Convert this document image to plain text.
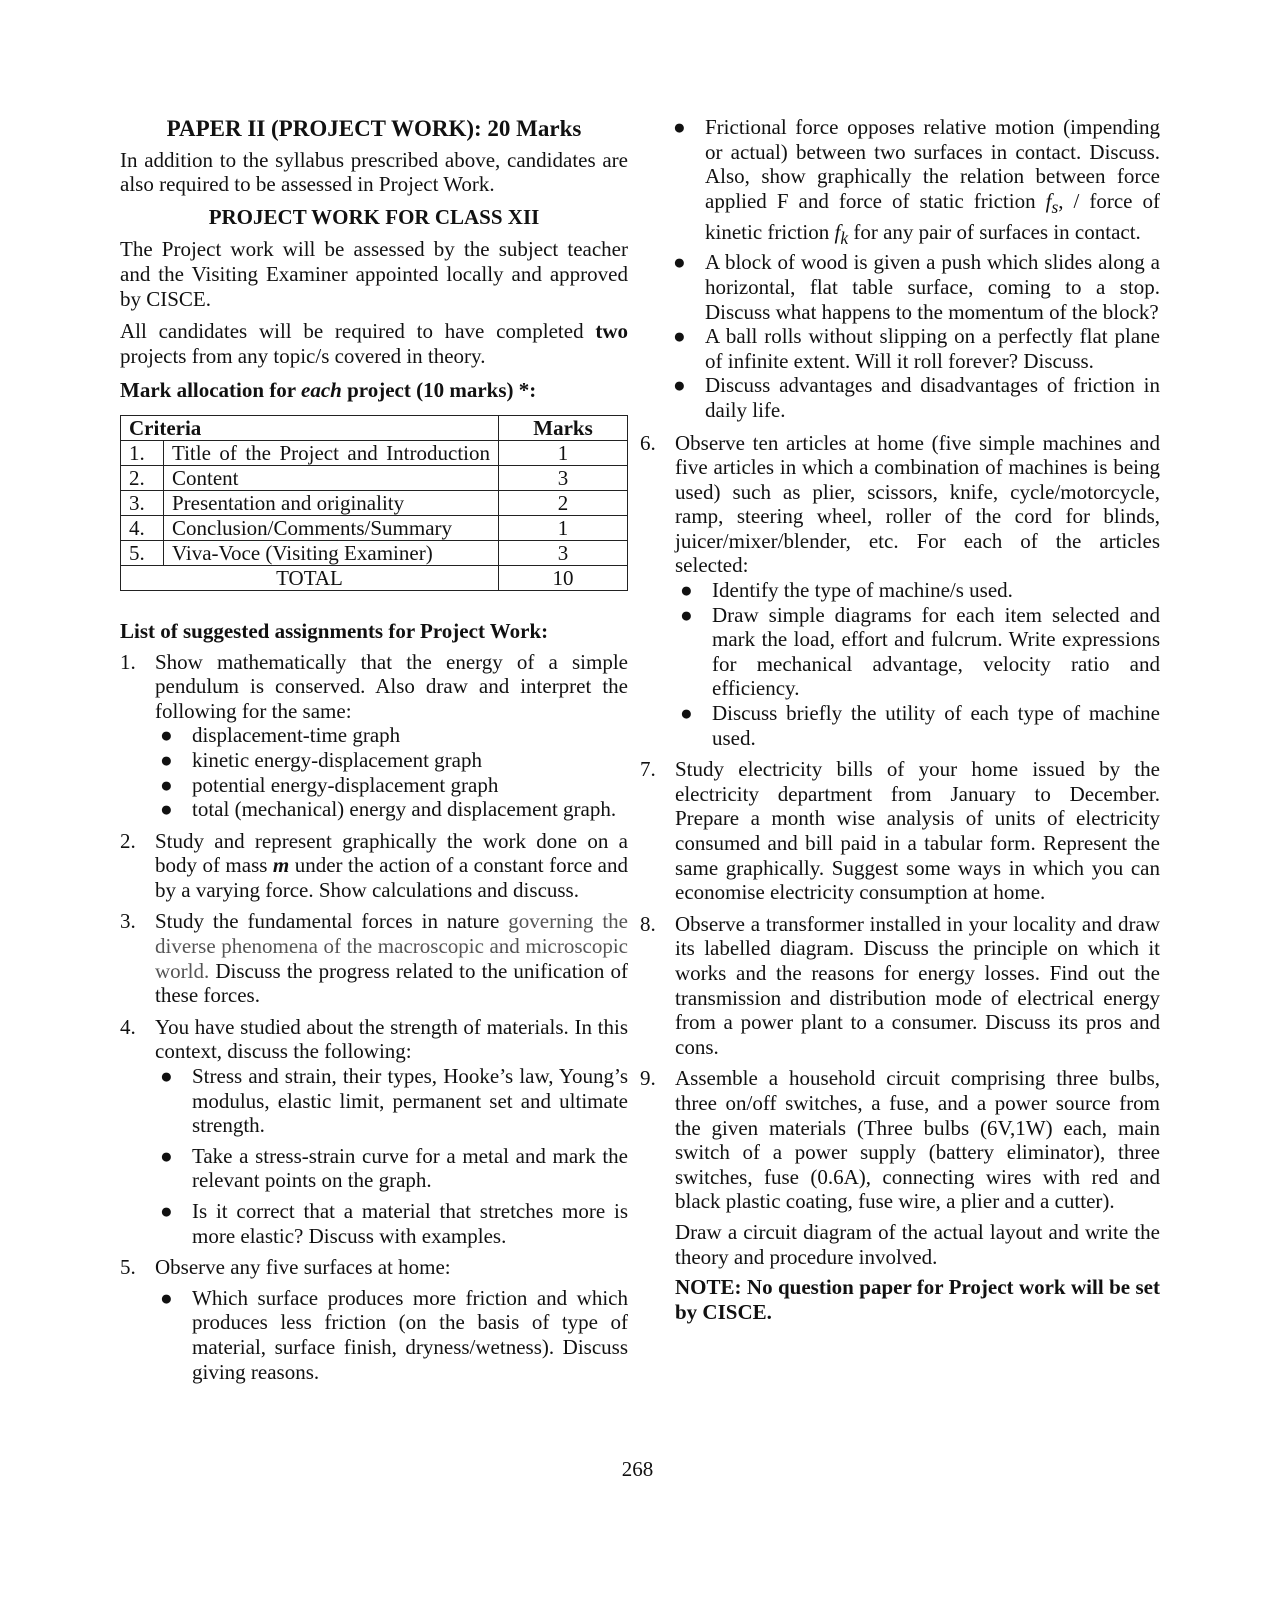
PAPER II (PROJECT WORK): 20 Marks

In addition to the syllabus prescribed above, candidates are also required to be assessed in Project Work.

PROJECT WORK FOR CLASS XII

The Project work will be assessed by the subject teacher and the Visiting Examiner appointed locally and approved by CISCE.

All candidates will be required to have completed two projects from any topic/s covered in theory.

Mark allocation for each project (10 marks) *:

Criteria		Marks
1.	Title of the Project and Introduction	1
2.	Content	3
3.	Presentation and originality	2
4.	Conclusion/Comments/Summary	1
5.	Viva-Voce (Visiting Examiner)	3
TOTAL		10

List of suggested assignments for Project Work:

1. Show mathematically that the energy of a simple pendulum is conserved. Also draw and interpret the following for the same:

● displacement-time graph
● kinetic energy-displacement graph
● potential energy-displacement graph
● total (mechanical) energy and displacement graph.
2. Study and represent graphically the work done on a body of mass m under the action of a constant force and by a varying force. Show calculations and discuss.

3. Study the fundamental forces in nature governing the diverse phenomena of the macroscopic and microscopic world. Discuss the progress related to the unification of these forces.

4. You have studied about the strength of materials. In this context, discuss the following:

● Stress and strain, their types, Hooke’s law, Young’s modulus, elastic limit, permanent set and ultimate strength.
● Take a stress-strain curve for a metal and mark the relevant points on the graph.
● Is it correct that a material that stretches more is more elastic? Discuss with examples.
5. Observe any five surfaces at home:

● Which surface produces more friction and which produces less friction (on the basis of type of material, surface finish, dryness/wetness). Discuss giving reasons.
● Frictional force opposes relative motion (impending or actual) between two surfaces in contact. Discuss. Also, show graphically the relation between force applied F and force of static friction $f_s$, / force of kinetic friction $f_k$ for any pair of surfaces in contact.
● A block of wood is given a push which slides along a horizontal, flat table surface, coming to a stop. Discuss what happens to the momentum of the block?
● A ball rolls without slipping on a perfectly flat plane of infinite extent. Will it roll forever? Discuss.
● Discuss advantages and disadvantages of friction in daily life.
6. Observe ten articles at home (five simple machines and five articles in which a combination of machines is being used) such as plier, scissors, knife, cycle/motorcycle, ramp, steering wheel, roller of the cord for blinds, juicer/mixer/blender, etc. For each of the articles selected:

● Identify the type of machine/s used.
● Draw simple diagrams for each item selected and mark the load, effort and fulcrum. Write expressions for mechanical advantage, velocity ratio and efficiency.
● Discuss briefly the utility of each type of machine used.
7. Study electricity bills of your home issued by the electricity department from January to December. Prepare a month wise analysis of units of electricity consumed and bill paid in a tabular form. Represent the same graphically. Suggest some ways in which you can economise electricity consumption at home.

8. Observe a transformer installed in your locality and draw its labelled diagram. Discuss the principle on which it works and the reasons for energy losses. Find out the transmission and distribution mode of electrical energy from a power plant to a consumer. Discuss its pros and cons.

9. Assemble a household circuit comprising three bulbs, three on/off switches, a fuse, and a power source from the given materials (Three bulbs (6V,1W) each, main switch of a power supply (battery eliminator), three switches, fuse (0.6A), connecting wires with red and black plastic coating, fuse wire, a plier and a cutter).

Draw a circuit diagram of the actual layout and write the theory and procedure involved.

NOTE: No question paper for Project work will be set by CISCE.

268
